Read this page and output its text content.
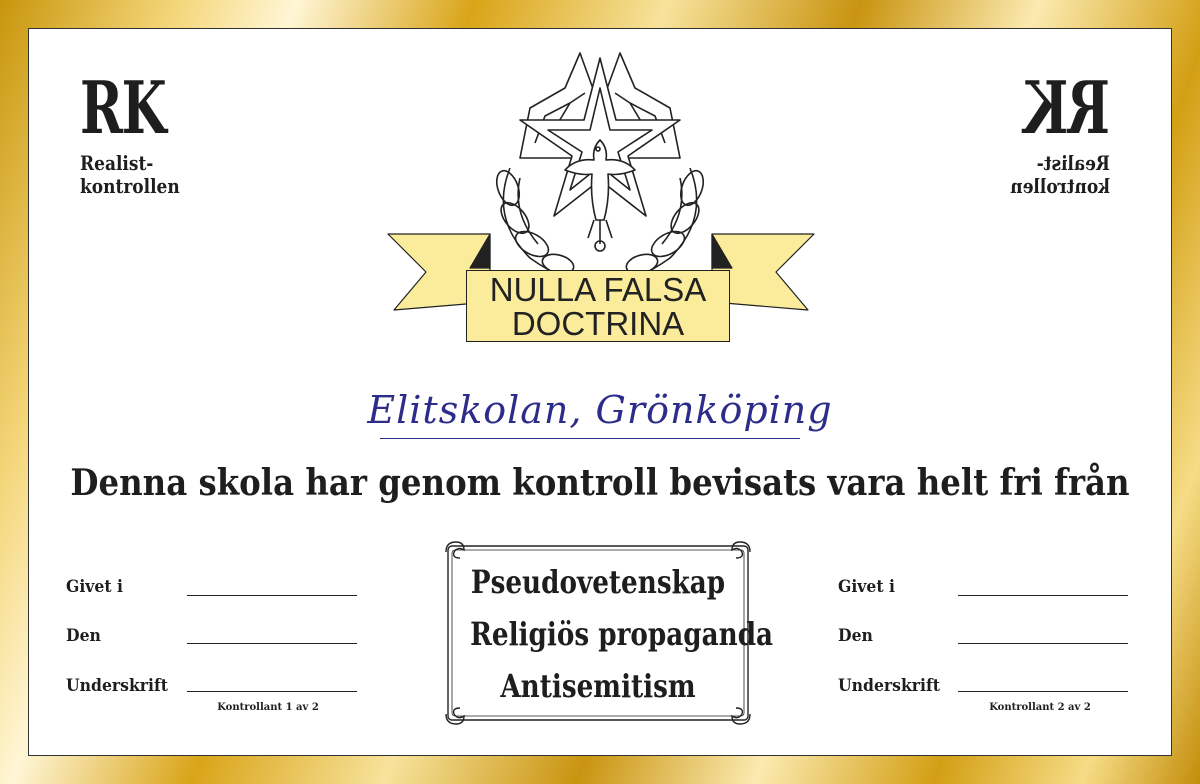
RK
Realist-
kontrollen
RK
Realist-
kontrollen
NULLA FALSA
DOCTRINA
Elitskolan, Grönköping
Denna skola har genom kontroll bevisats vara helt fri från
Pseudovetenskap
Religiös propaganda
Antisemitism
Givet i
Den
Underskrift
Kontrollant 1 av 2
Givet i
Den
Underskrift
Kontrollant 2 av 2
